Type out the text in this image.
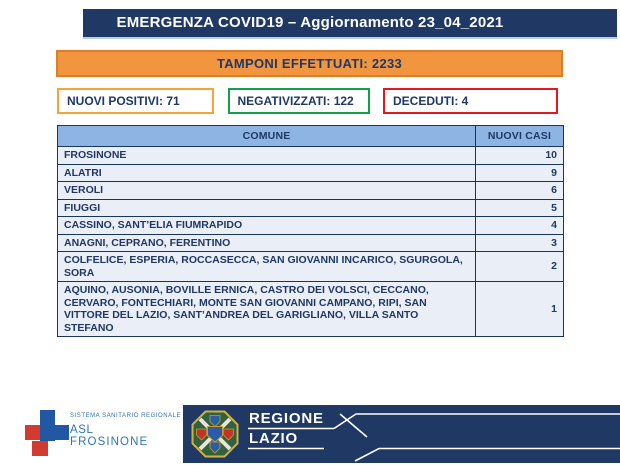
EMERGENZA COVID19 – Aggiornamento 23_04_2021
TAMPONI EFFETTUATI: 2233
NUOVI POSITIVI: 71	NEGATIVIZZATI: 122	DECEDUTI: 4
COMUNE	NUOVI CASI
FROSINONE	10
ALATRI	9
VEROLI	6
FIUGGI	5
CASSINO, SANT’ELIA FIUMRAPIDO	4
ANAGNI, CEPRANO, FERENTINO	3
COLFELICE, ESPERIA, ROCCASECCA, SAN GIOVANNI INCARICO, SGURGOLA, SORA	2
AQUINO, AUSONIA, BOVILLE ERNICA, CASTRO DEI VOLSCI, CECCANO, CERVARO, FONTECHIARI, MONTE SAN GIOVANNI CAMPANO, RIPI, SAN VITTORE DEL LAZIO, SANT’ANDREA DEL GARIGLIANO, VILLA SANTO STEFANO	1
SISTEMA SANITARIO REGIONALE
ASL
FROSINONE
REGIONE
LAZIO
